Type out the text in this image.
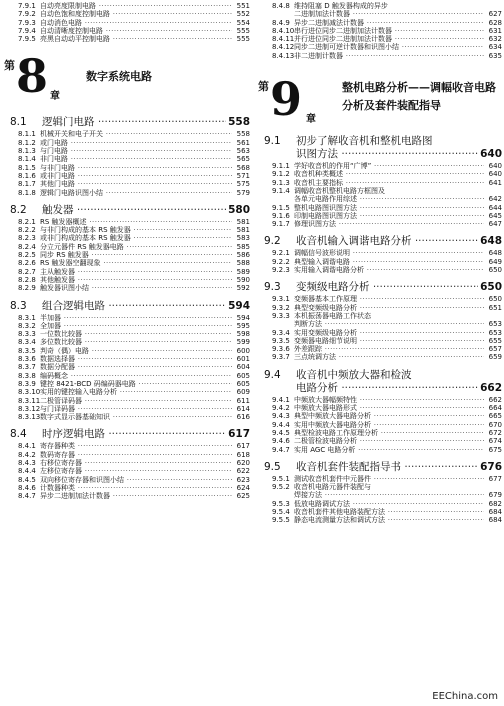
7.9.1 自动亮度限制电路 ·····	551
7.9.2 自动色饱和度控制电路 ·····	552
7.9.3 自动消色电路 ·····	554
7.9.4 自动清晰度控制电路 ·····	555
7.9.5 亮黑自动动平控制电路 ·····	555
第 8 章
数字系统电路
8.1	逻辑门电路 ·····	558
8.1.1 机械开关和电子开关 ·····	558
8.1.2 或门电路 ·····	561
8.1.3 与门电路 ·····	563
8.1.4 非门电路 ·····	565
8.1.5 与非门电路 ·····	568
8.1.6 或非门电路 ·····	571
8.1.7 其他门电路 ·····	575
8.1.8 逻辑门电路识图小结 ·····	579
8.2	触发器 ·····	580
8.2.1 RS 触发器概述 ·····	581
8.2.2 与非门构成的基本 RS 触发器 ·····	581
8.2.3 或非门构成的基本 RS 触发器 ·····	583
8.2.4 分立元器件 RS 触发器电路 ·····	585
8.2.5 同步 RS 触发器 ·····	586
8.2.6 RS 触发器空翻现象 ·····	588
8.2.7 主从触发器 ·····	589
8.2.8 其他触发器 ·····	590
8.2.9 触发器识图小结 ·····	592
8.3	组合逻辑电路 ·····	594
8.3.1 半加器 ·····	594
8.3.2 全加器 ·····	595
8.3.3 一位数比较器 ·····	598
8.3.4 多位数比较器 ·····	599
8.3.5 判奇（偶）电路 ·····	600
8.3.6 数据选择器 ·····	601
8.3.7 数据分配器 ·····	604
8.3.8 编码概念 ·····	605
8.3.9 键控 8421-BCD 码编码器电路 ·····	605
8.3.10 实用的键控输入电路分析 ·····	609
8.3.11 二极管译码器 ·····	611
8.3.12 与门译码器 ·····	614
8.3.13 数字式显示器基础知识 ·····	616
8.4	时序逻辑电路 ·····	617
8.4.1 寄存器种类 ·····	617
8.4.2 数码寄存器 ·····	618
8.4.3 右移位寄存器 ·····	620
8.4.4 左移位寄存器 ·····	622
8.4.5 双向移位寄存器和识图小结 ·····	623
8.4.6 计数器种类 ·····	624
8.4.7 异步二进制加法计数器 ·····	625
8.4.8 维持阻塞 D 触发器构成的异步
二进制加法计数器 ·····	627
8.4.9 异步二进制减法计数器 ·····	628
8.4.10 串行进位同步二进制加法计数器 ·····	631
8.4.11 并行进位同步二进制加法计数器 ·····	632
8.4.12 同步二进制可逆计数器和识图小结 ·····	634
8.4.13 非二进制计数器 ·····	635
第 9 章
整机电路分析——调幅收音电路
分析及套件装配指导
9.1	初步了解收音机和整机电路图
识图方法 ·····	640
9.1.1 学好收音机的作用“广博” ·····	640
9.1.2 收音机种类概述 ·····	640
9.1.3 收音机主要指标 ·····	641
9.1.4 调幅收音机整机电路方框图及
各单元电路作用综述 ·····	642
9.1.5 整机电路图识图方法 ·····	644
9.1.6 印制电路图识图方法 ·····	645
9.1.7 修理识图方法 ·····	647
9.2	收音机输入调谐电路分析 ·····	648
9.2.1 调幅信号波形说明 ·····	648
9.2.2 典型输入调谐电路 ·····	649
9.2.3 实用输入调谐电路分析 ·····	650
9.3	变频级电路分析 ·····	650
9.3.1 变频器基本工作原理 ·····	650
9.3.2 典型变频级电路分析 ·····	651
9.3.3 本机振荡器电路工作状态
判断方法 ·····	653
9.3.4 实用变频级电路分析 ·····	653
9.3.5 变频器电路细节说明 ·····	655
9.3.6 外差跟踪 ·····	657
9.3.7 三点统调方法 ·····	659
9.4	收音机中频放大器和检波
电路分析 ·····	662
9.4.1 中频放大器幅频特性 ·····	662
9.4.2 中频放大器电路形式 ·····	664
9.4.3 典型中频放大器电路分析 ·····	665
9.4.4 实用中频放大器电路分析 ·····	670
9.4.5 典型检波电路工作原理分析 ·····	672
9.4.6 二极管检波电路分析 ·····	674
9.4.7 实用 AGC 电路分析 ·····	675
9.5	收音机套件装配指导书 ·····	676
9.5.1 测试收音机套件中元器件 ·····	677
9.5.2 收音机电路元器件装配与
焊接方法 ·····	679
9.5.3 低放电路调试方法 ·····	682
9.5.4 收音机套件其他电路装配方法 ·····	684
9.5.5 静态电流测量方法和调试方法 ·····	684
EEChina.com
